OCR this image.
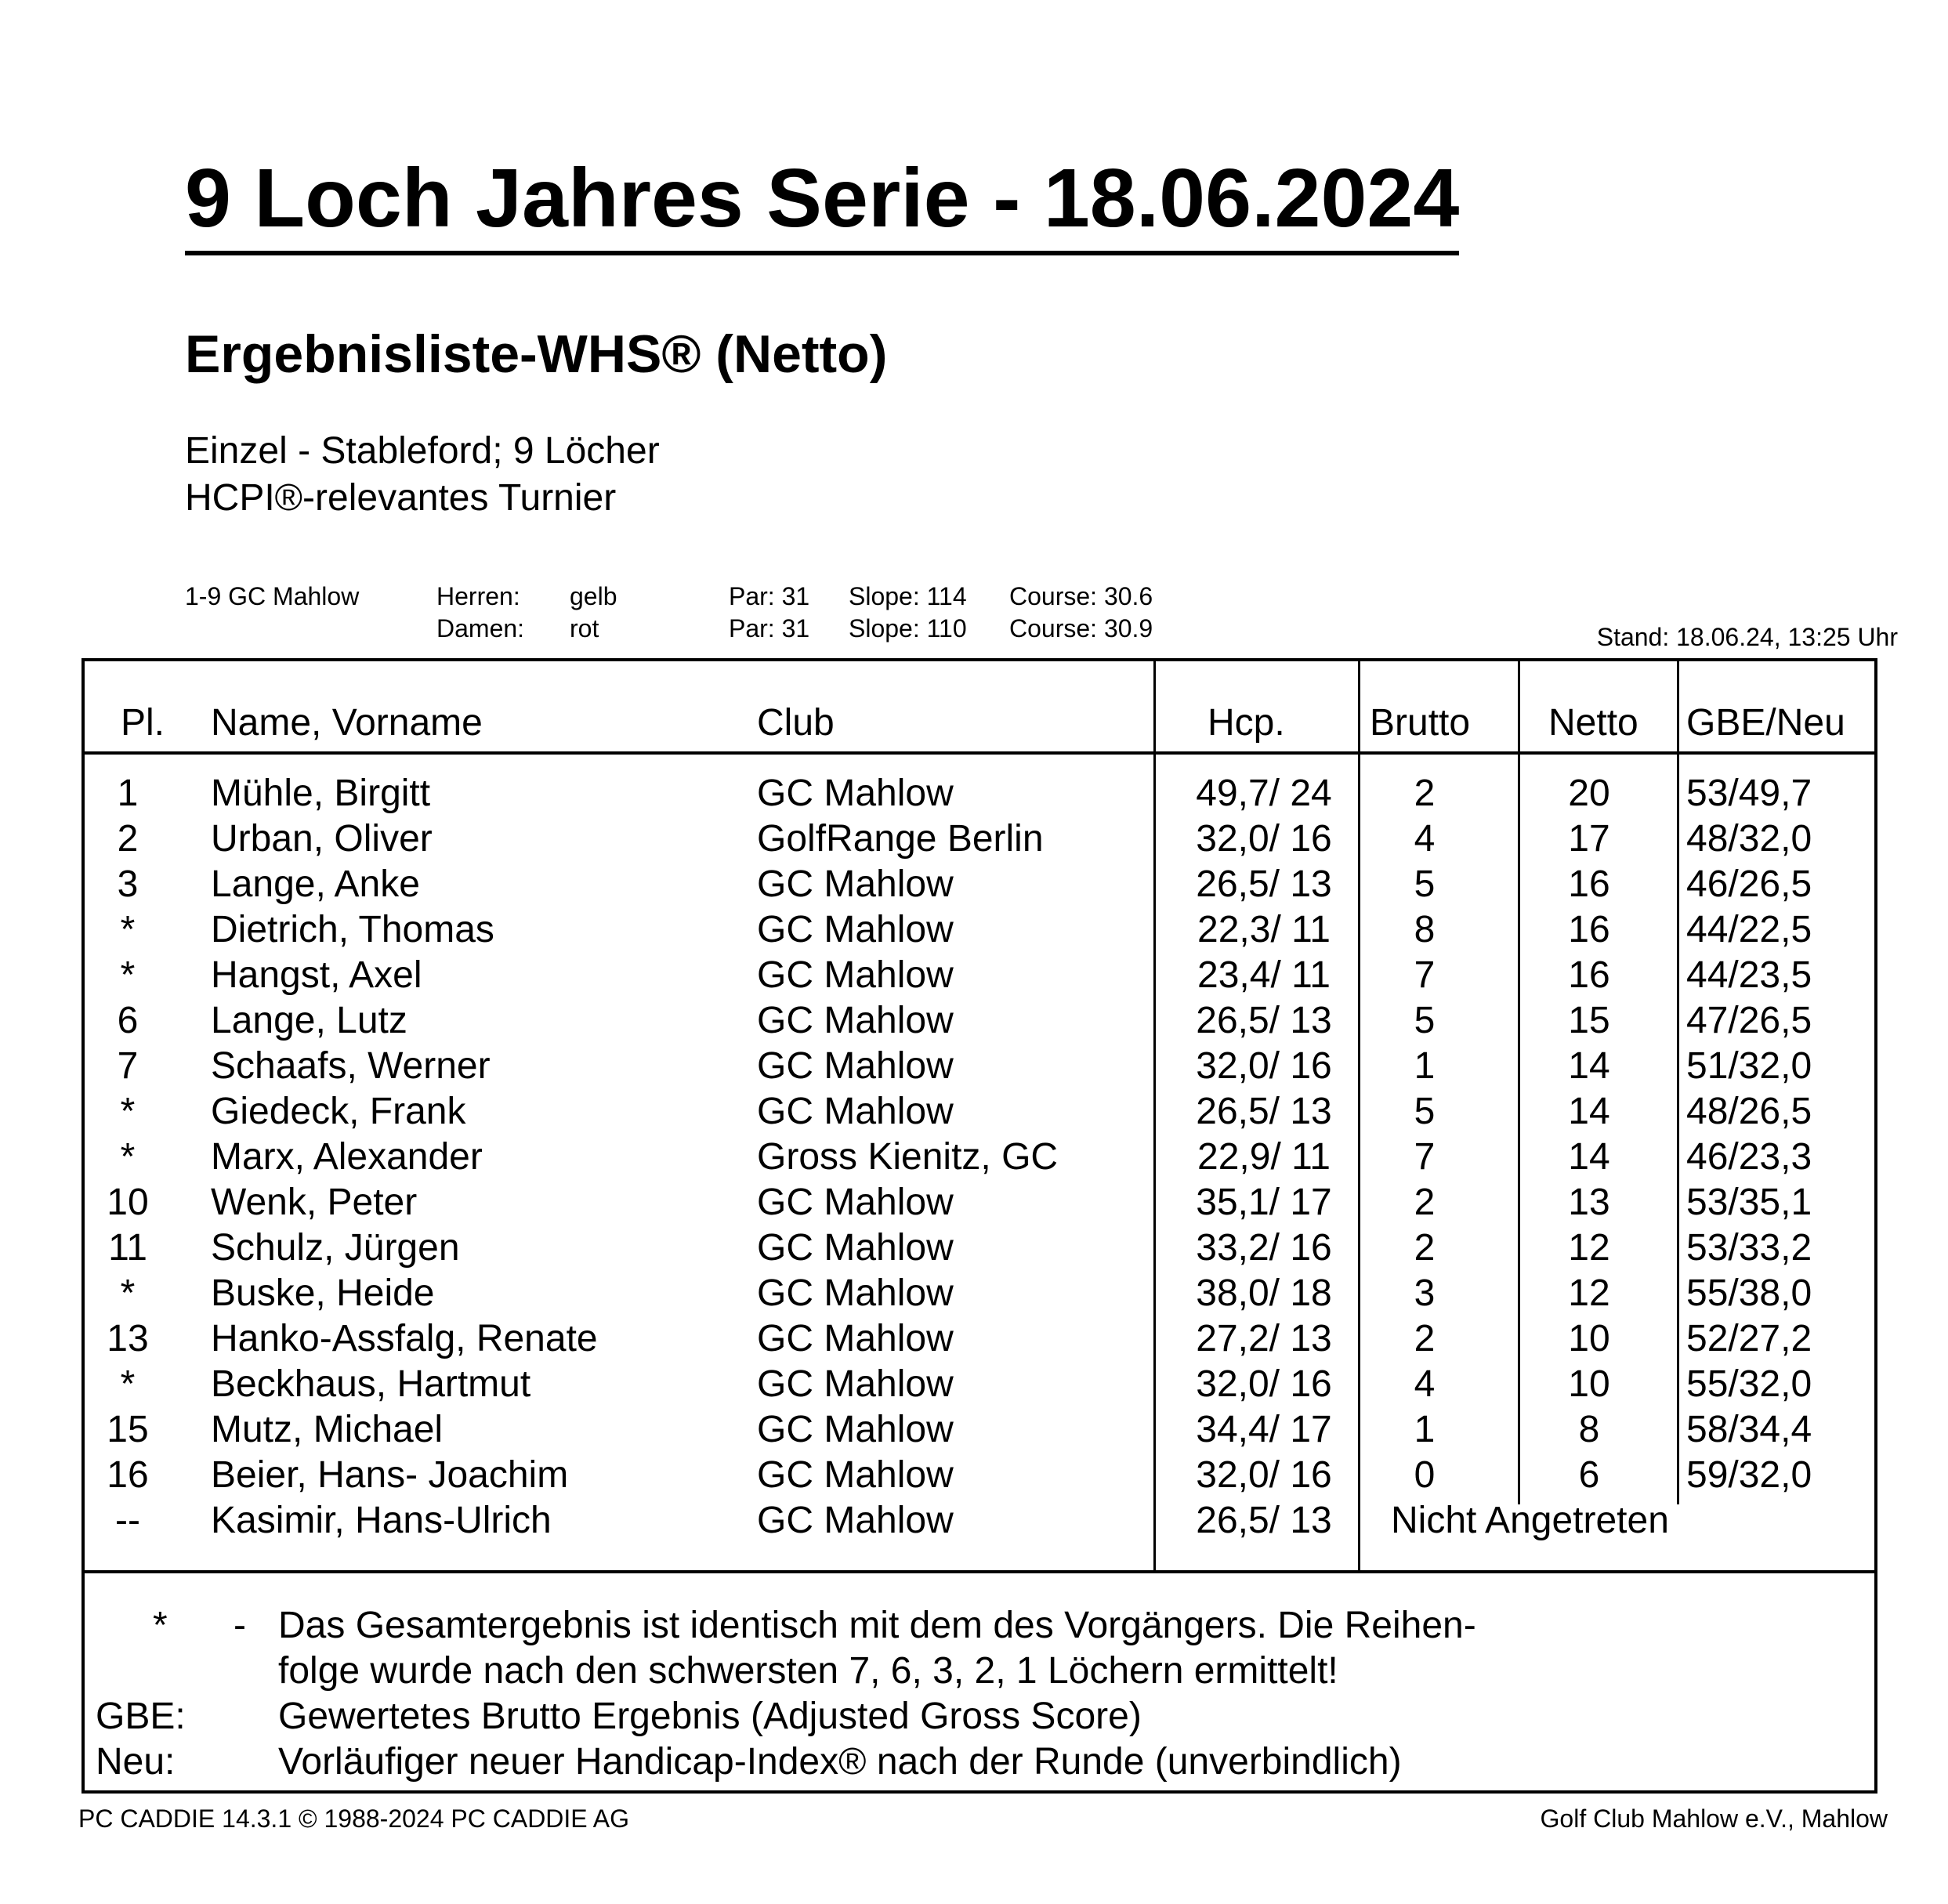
9 Loch Jahres Serie - 18.06.2024
Ergebnisliste-WHS® (Netto)
Einzel - Stableford; 9 Löcher
HCPI®-relevantes Turnier
1-9 GC Mahlow	Herren: gelb	Par: 31 Slope: 114 Course: 30.6
Damen: rot	Par: 31 Slope: 110 Course: 30.9	Stand: 18.06.24, 13:25 Uhr
Pl. Name, Vorname	Club	Hcp. Brutto Netto GBE/Neu
1	Mühle, Birgitt	GC Mahlow	49,7/ 24	2	20	53/49,7
2	Urban, Oliver	GolfRange Berlin	32,0/ 16	4	17	48/32,0
3	Lange, Anke	GC Mahlow	26,5/ 13	5	16	46/26,5
*	Dietrich, Thomas	GC Mahlow	22,3/ 11	8	16	44/22,5
*	Hangst, Axel	GC Mahlow	23,4/ 11	7	16	44/23,5
6	Lange, Lutz	GC Mahlow	26,5/ 13	5	15	47/26,5
7	Schaafs, Werner	GC Mahlow	32,0/ 16	1	14	51/32,0
*	Giedeck, Frank	GC Mahlow	26,5/ 13	5	14	48/26,5
*	Marx, Alexander	Gross Kienitz, GC	22,9/ 11	7	14	46/23,3
10	Wenk, Peter	GC Mahlow	35,1/ 17	2	13	53/35,1
11	Schulz, Jürgen	GC Mahlow	33,2/ 16	2	12	53/33,2
*	Buske, Heide	GC Mahlow	38,0/ 18	3	12	55/38,0
13	Hanko-Assfalg, Renate	GC Mahlow	27,2/ 13	2	10	52/27,2
*	Beckhaus, Hartmut	GC Mahlow	32,0/ 16	4	10	55/32,0
15	Mutz, Michael	GC Mahlow	34,4/ 17	1	8	58/34,4
16	Beier, Hans- Joachim	GC Mahlow	32,0/ 16	0	6	59/32,0
--	Kasimir, Hans-Ulrich	GC Mahlow	26,5/ 13	Nicht Angetreten
* - Das Gesamtergebnis ist identisch mit dem des Vorgängers. Die Reihen-
folge wurde nach den schwersten 7, 6, 3, 2, 1 Löchern ermittelt!
GBE: Gewertetes Brutto Ergebnis (Adjusted Gross Score)
Neu:	Vorläufiger neuer Handicap-Index® nach der Runde (unverbindlich)
PC CADDIE 14.3.1 © 1988-2024 PC CADDIE AG	Golf Club Mahlow e.V., Mahlow
